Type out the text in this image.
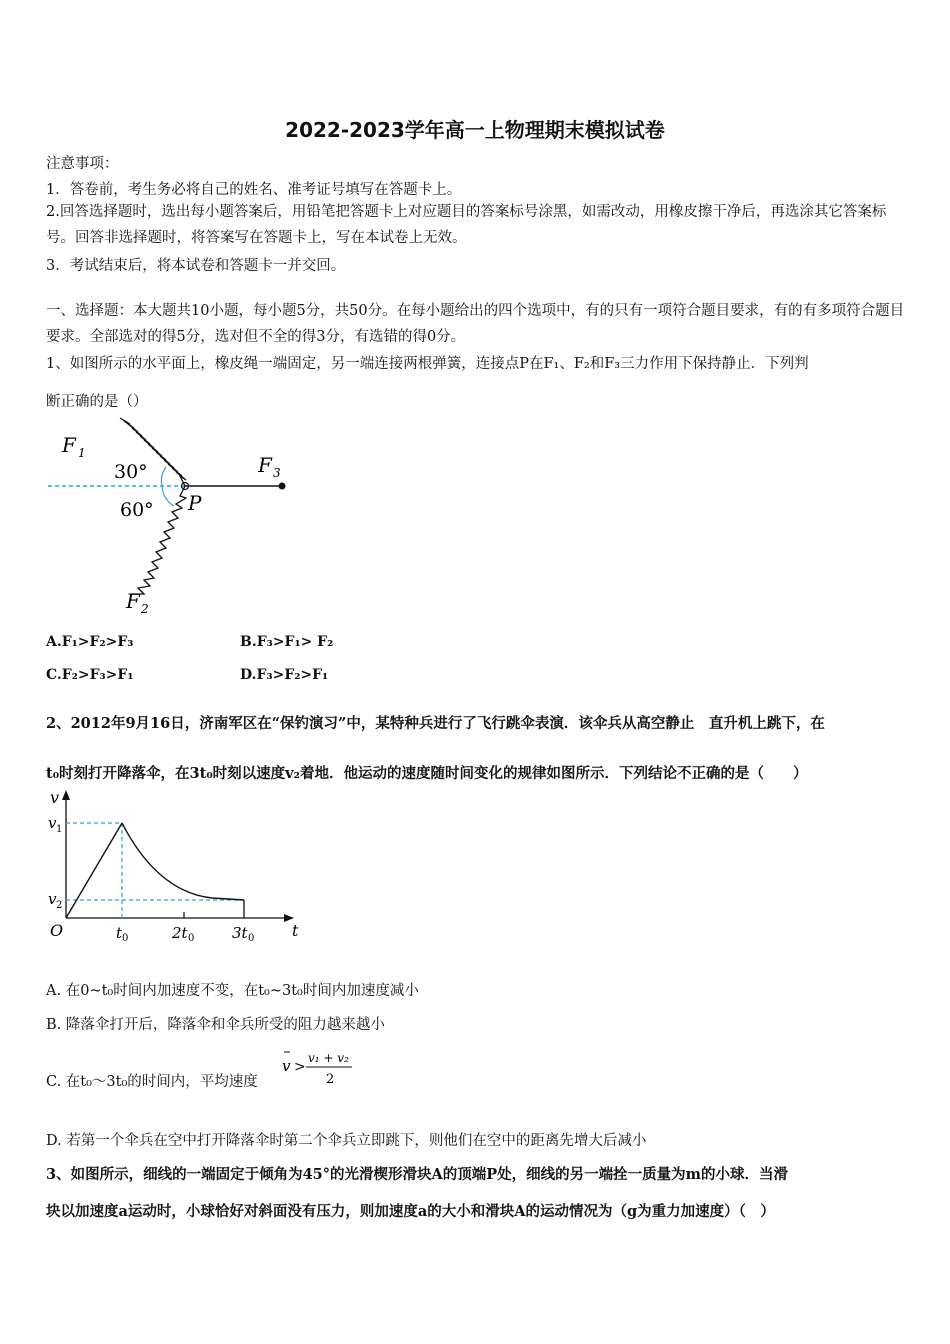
2022-2023学年高一上物理期末模拟试卷
注意事项：
1．答卷前，考生务必将自己的姓名、准考证号填写在答题卡上。
2.回答选择题时，选出每小题答案后，用铅笔把答题卡上对应题目的答案标号涂黑，如需改动，用橡皮擦干净后，再选涂其它答案标号。回答非选择题时，将答案写在答题卡上，写在本试卷上无效。
3．考试结束后，将本试卷和答题卡一并交回。
一、选择题：本大题共10小题，每小题5分，共50分。在每小题给出的四个选项中，有的只有一项符合题目要求，有的有多项符合题目要求。全部选对的得5分，选对但不全的得3分，有选错的得0分。
1、如图所示的水平面上，橡皮绳一端固定，另一端连接两根弹簧，连接点P在F₁、F₂和F₃三力作用下保持静止．下列判
断正确的是（）
F 1	F 3
F 2
30°
60° P
A.F₁>F₂>F₃	B.F₃>F₁> F₂
C.F₂>F₃>F₁	D.F₃>F₂>F₁
2、2012年9月16日，济南军区在“保钓演习”中，某特种兵进行了飞行跳伞表演．该伞兵从高空静止　直升机上跳下，在
t₀时刻打开降落伞，在3t₀时刻以速度v₂着地．他运动的速度随时间变化的规律如图所示．下列结论不正确的是（　　）
v
t
O
v 1
v 2
t 0	2t 0	3t 0
A. 在0~t₀时间内加速度不变，在t₀~3t₀时间内加速度减小
B. 降落伞打开后，降落伞和伞兵所受的阻力越来越小
C. 在t₀～3t₀的时间内，平均速度
v >
v₁ + v₂
2
D. 若第一个伞兵在空中打开降落伞时第二个伞兵立即跳下，则他们在空中的距离先增大后减小
3、如图所示，细线的一端固定于倾角为45°的光滑楔形滑块A的顶端P处，细线的另一端拴一质量为m的小球．当滑
块以加速度a运动时，小球恰好对斜面没有压力，则加速度a的大小和滑块A的运动情况为（g为重力加速度）（　）
